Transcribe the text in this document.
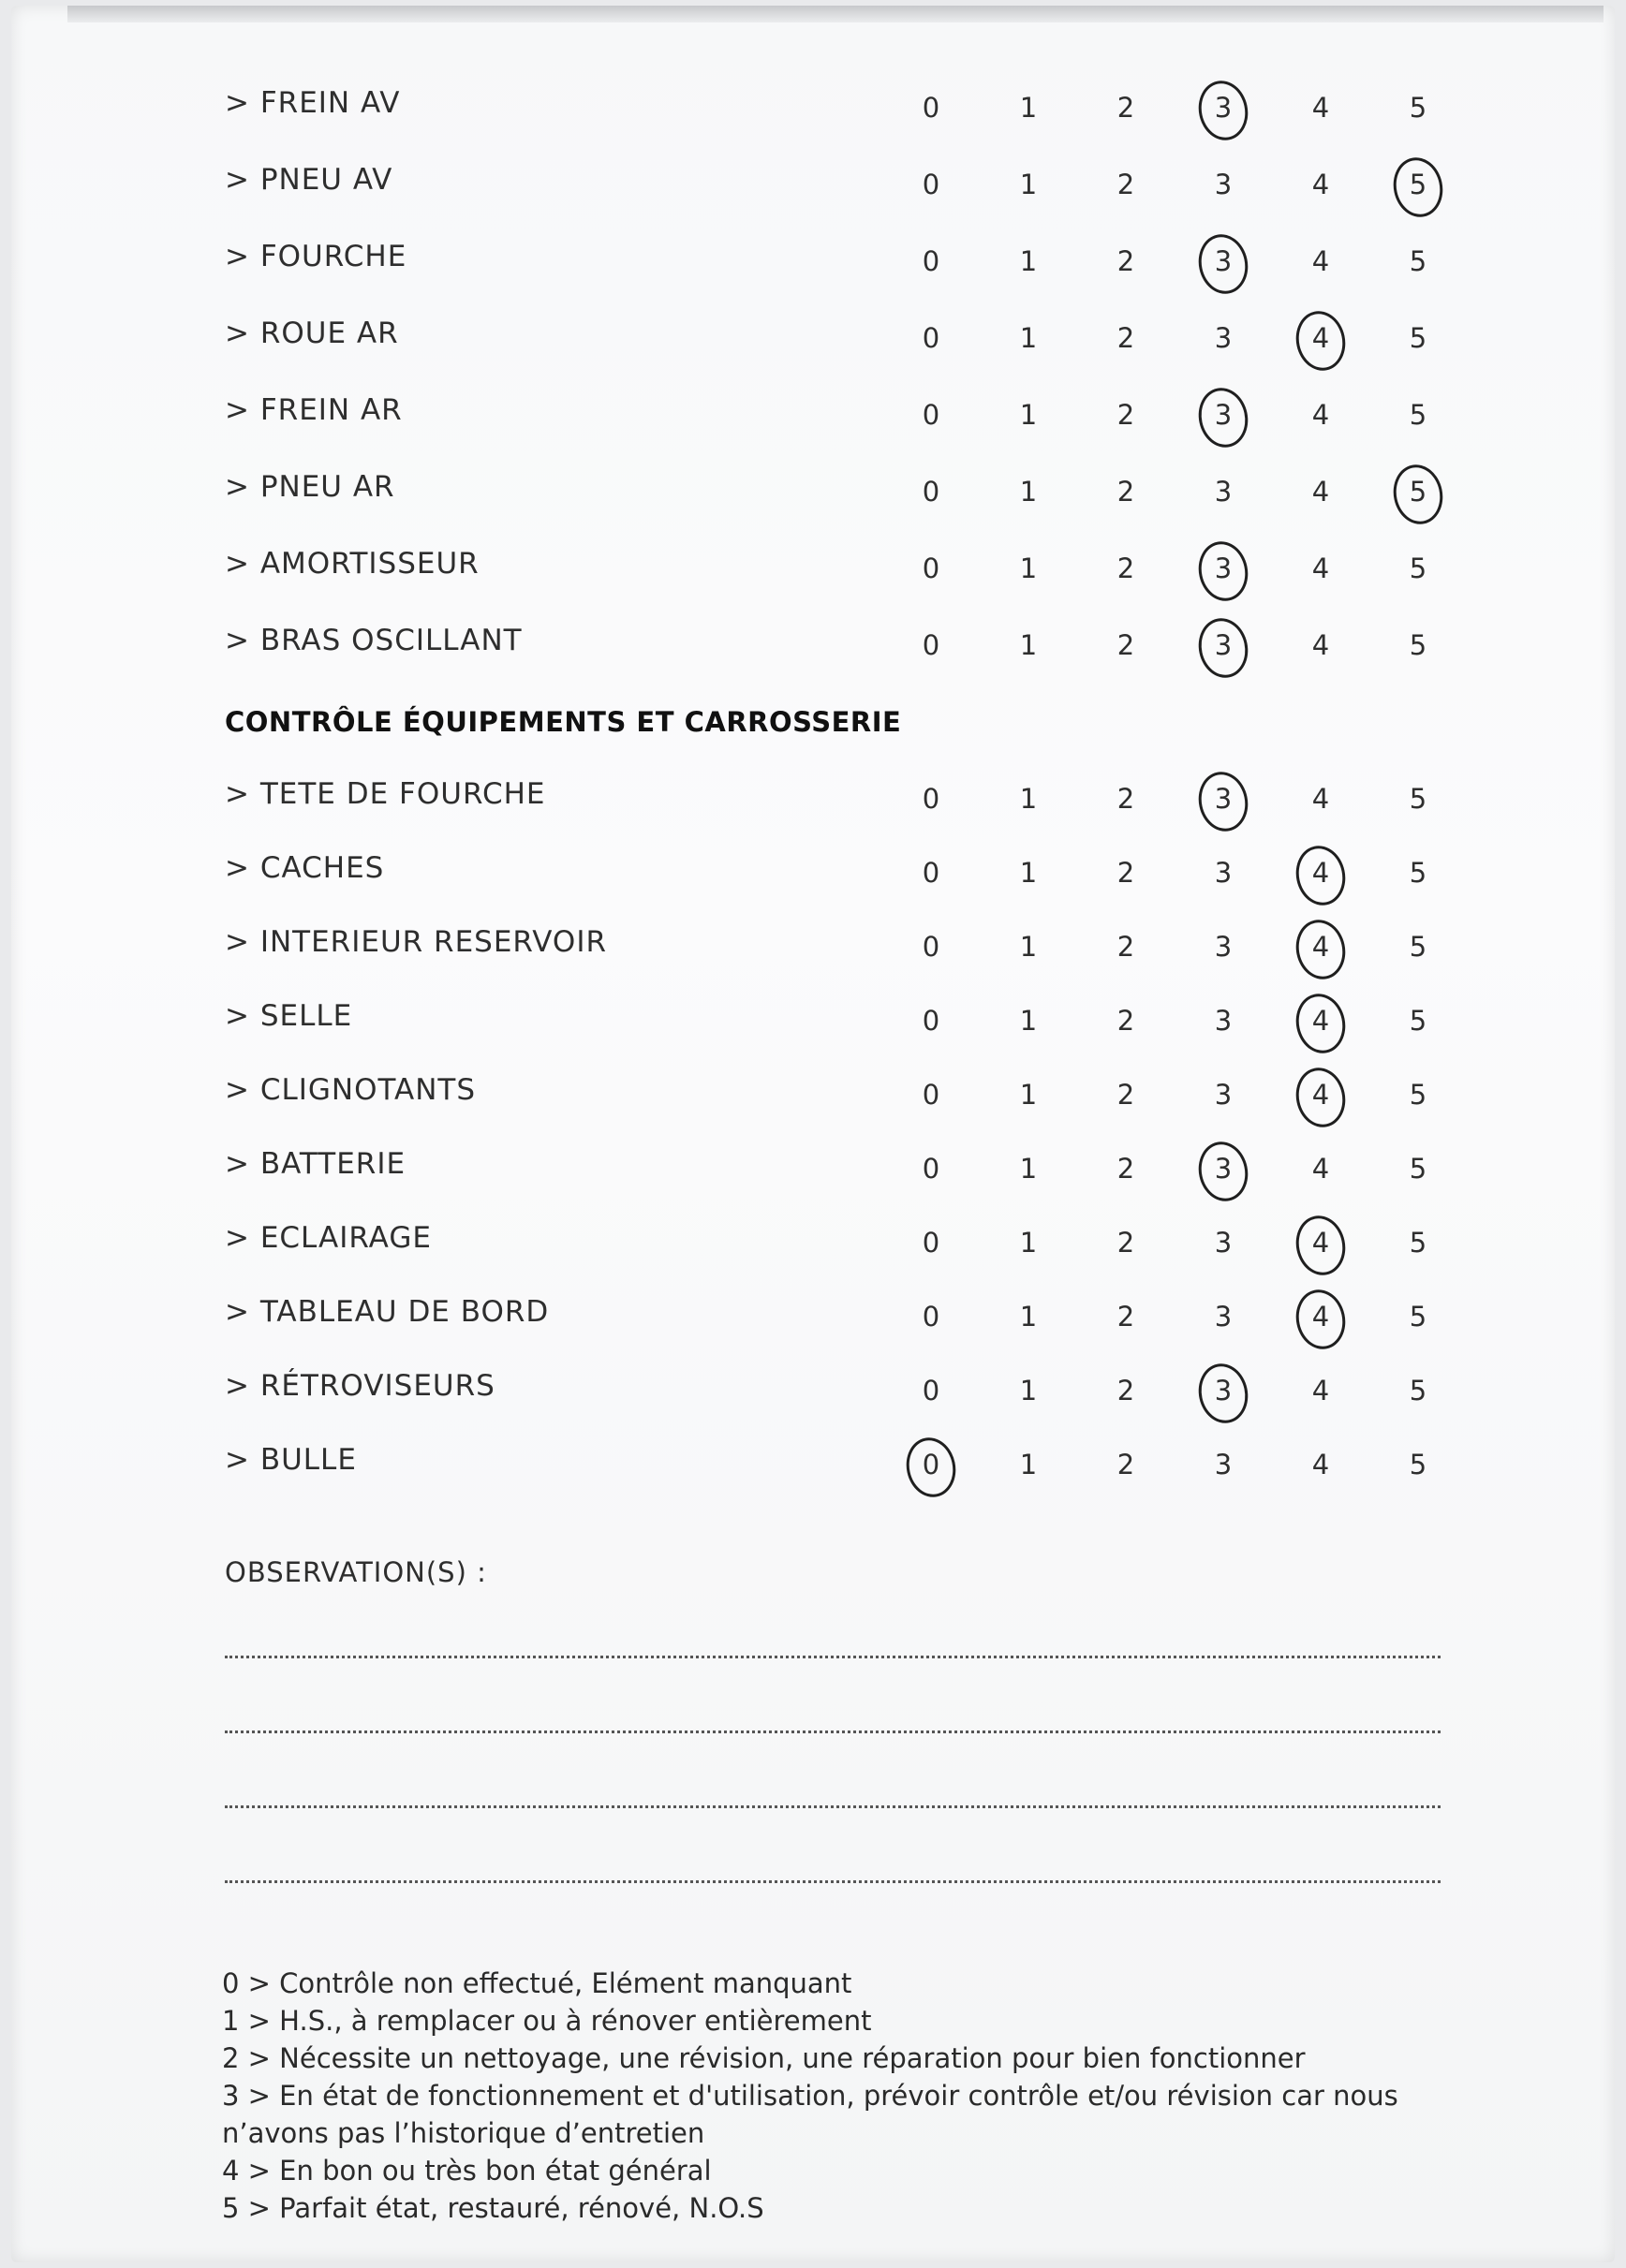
> FREIN AV	0	1	2	3	4	5
> PNEU AV	0	1	2	3	4	5
> FOURCHE	0	1	2	3	4	5
> ROUE AR	0	1	2	3	4	5
> FREIN AR	0	1	2	3	4	5
> PNEU AR	0	1	2	3	4	5
> AMORTISSEUR	0	1	2	3	4	5
> BRAS OSCILLANT	0	1	2	3	4	5
> TETE DE FOURCHE	0	1	2	3	4	5
> CACHES	0	1	2	3	4	5
> INTERIEUR RESERVOIR	0	1	2	3	4	5
> SELLE	0	1	2	3	4	5
> CLIGNOTANTS	0	1	2	3	4	5
> BATTERIE	0	1	2	3	4	5
> ECLAIRAGE	0	1	2	3	4	5
> TABLEAU DE BORD	0	1	2	3	4	5
> RÉTROVISEURS	0	1	2	3	4	5
> BULLE	0	1	2	3	4	5
CONTRÔLE ÉQUIPEMENTS ET CARROSSERIE
OBSERVATION(S) :
0 > Contrôle non effectué, Elément manquant
1 > H.S., à remplacer ou à rénover entièrement
2 > Nécessite un nettoyage, une révision, une réparation pour bien fonctionner
3 > En état de fonctionnement et d'utilisation, prévoir contrôle et/ou révision car nous n’avons pas l’historique d’entretien
4 > En bon ou très bon état général
5 > Parfait état, restauré, rénové, N.O.S
